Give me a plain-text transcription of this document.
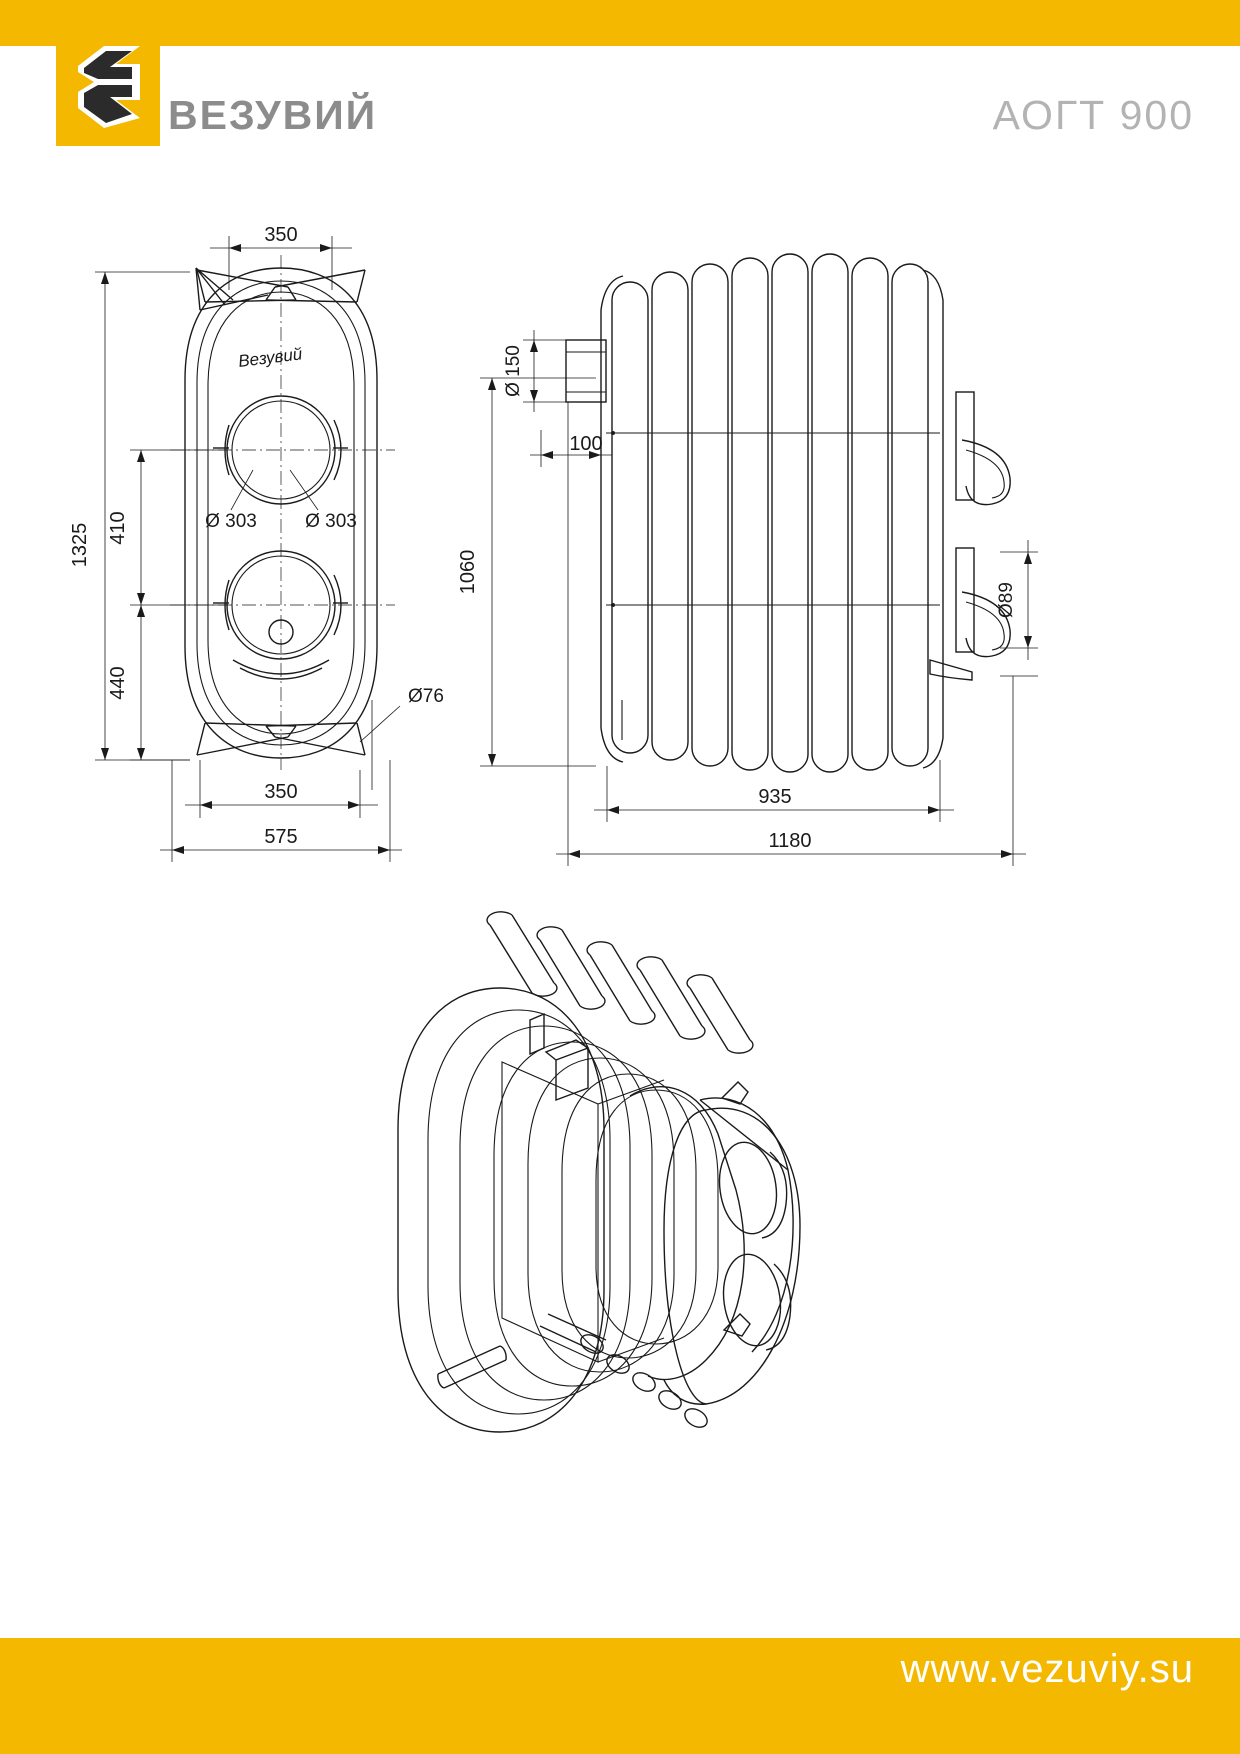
ВЕЗУВИЙ	АОГТ 900
Везувий
1325 410
440
350
Ø 303	Ø 303
Ø76
350
575
Ø 150
100
1060
Ø89
935
1180
www.vezuviy.su
